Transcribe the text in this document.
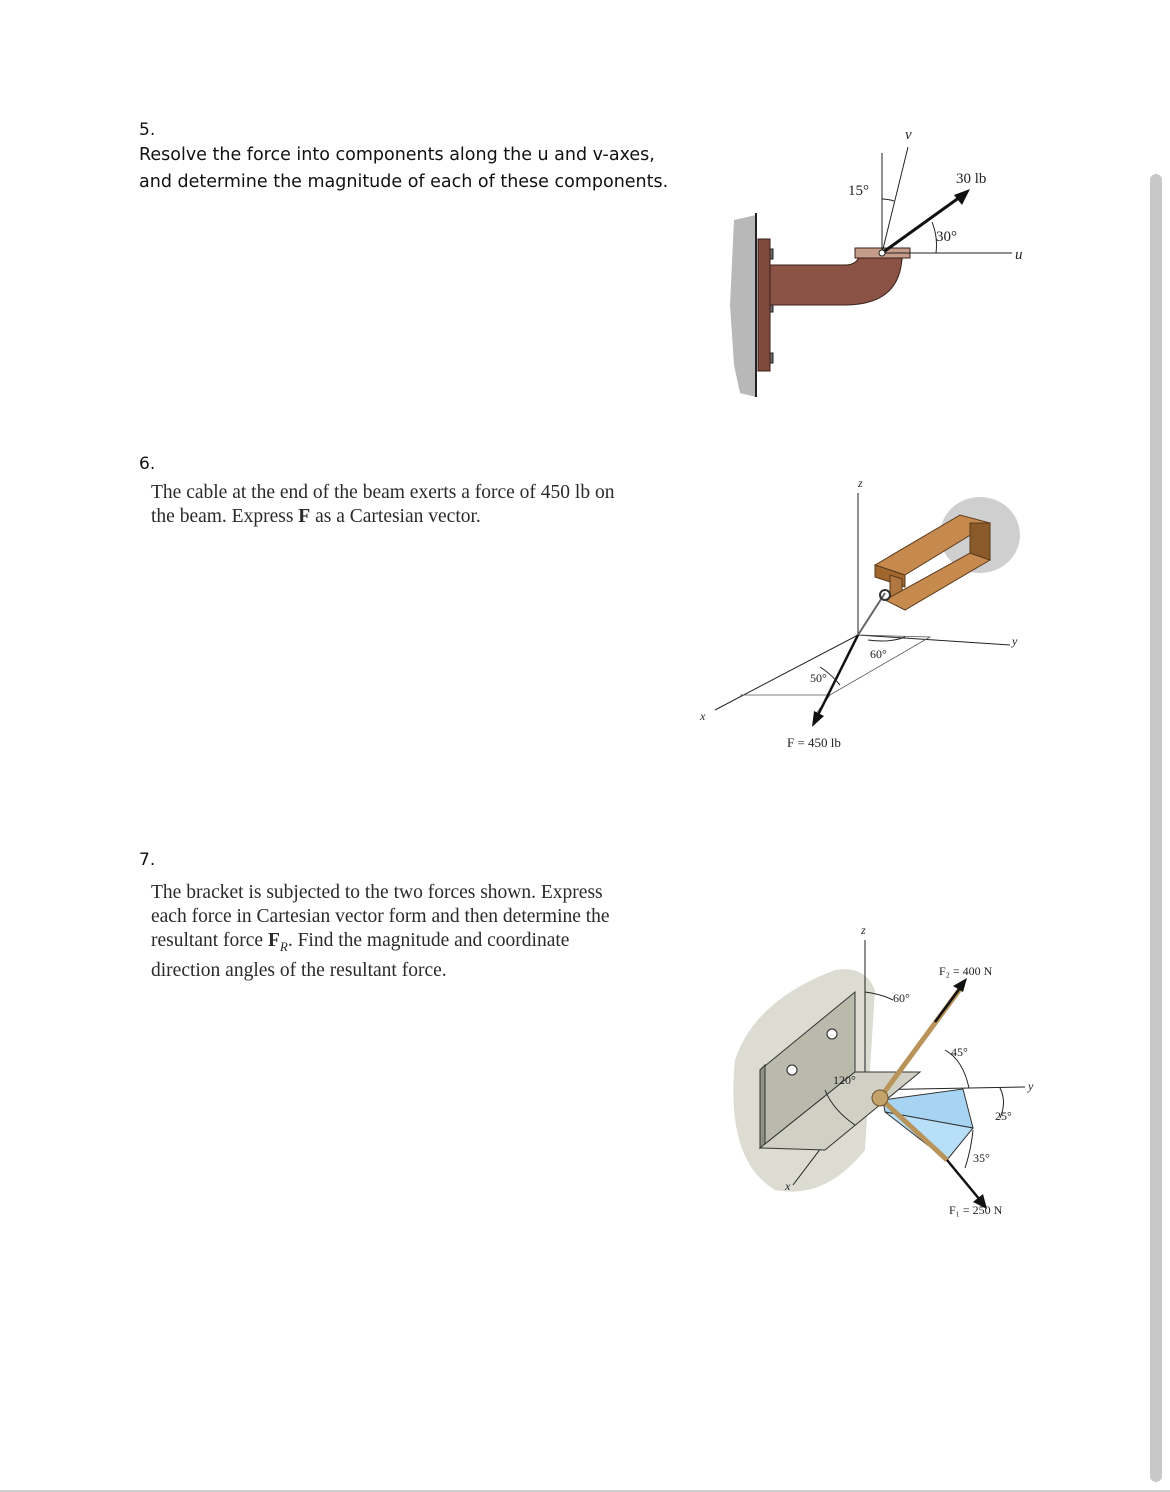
5.
Resolve the force into components along the u and v-axes,
and determine the magnitude of each of these components.
v
15°
30 lb
30°
u
6.
The cable at the end of the beam exerts a force of 450 lb on
the beam. Express F as a Cartesian vector.
z
y
x
50°
60°
F = 450 lb
7.
The bracket is subjected to the two forces shown. Express
each force in Cartesian vector form and then determine the
resultant force $F_R$. Find the magnitude and coordinate
direction angles of the resultant force.
z
y
x
F₂ = 400 N
60°
45°
120°
25°
35°
F₁ = 250 N
